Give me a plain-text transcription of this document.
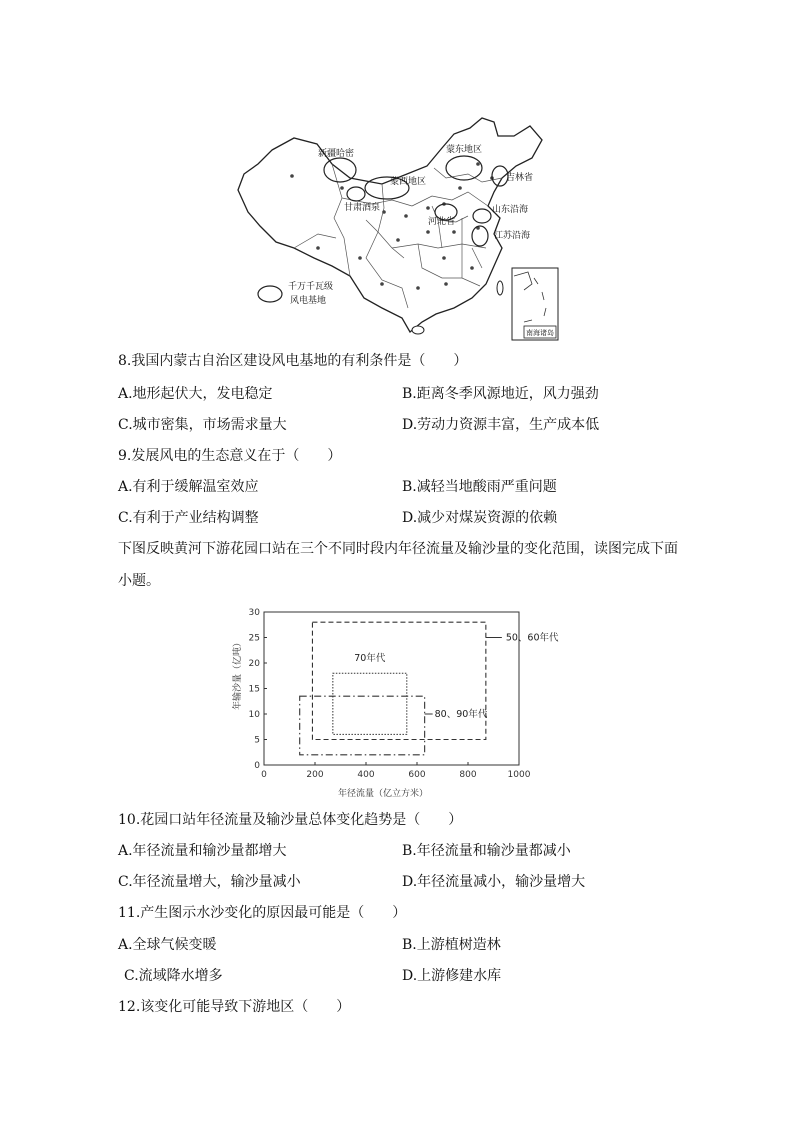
新疆哈密	蒙东地区
蒙西地区	吉林省
甘肃酒泉
河北省
山东沿海
江苏沿海
千万千瓦级
风电基地
南海诸岛
8.我国内蒙古自治区建设风电基地的有利条件是（　　）
A.地形起伏大，发电稳定	B.距离冬季风源地近，风力强劲
C.城市密集，市场需求量大	D.劳动力资源丰富，生产成本低
9.发展风电的生态意义在于（　　）
A.有利于缓解温室效应	B.减轻当地酸雨严重问题
C.有利于产业结构调整	D.减少对煤炭资源的依赖
下图反映黄河下游花园口站在三个不同时段内年径流量及输沙量的变化范围，读图完成下面
小题。
0	200	400	600	800	1000
0
5
10
15
20
25
30
50、60年代
70年代
80、90年代
年径流量（亿立方米）
年输沙量（亿吨）
10.花园口站年径流量及输沙量总体变化趋势是（　　）
A.年径流量和输沙量都增大	B.年径流量和输沙量都减小
C.年径流量增大，输沙量减小	D.年径流量减小，输沙量增大
11.产生图示水沙变化的原因最可能是（　　）
A.全球气候变暖	B.上游植树造林
C.流域降水增多	D.上游修建水库
12.该变化可能导致下游地区（　　）
